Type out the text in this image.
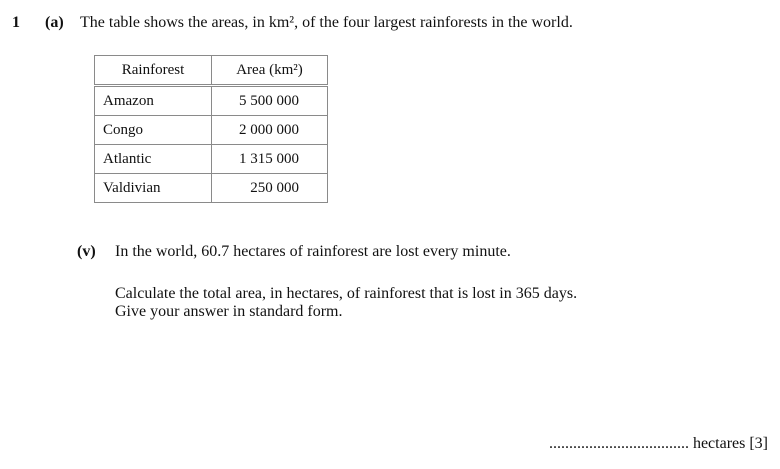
1 (a) The table shows the areas, in km², of the four largest rainforests in the world.
Rainforest	Area (km²)
Amazon	5 500 000
Congo	2 000 000
Atlantic	1 315 000
Valdivian	250 000
(v) In the world, 60.7 hectares of rainforest are lost every minute.
Calculate the total area, in hectares, of rainforest that is lost in 365 days.
Give your answer in standard form.
................................... hectares [3]
